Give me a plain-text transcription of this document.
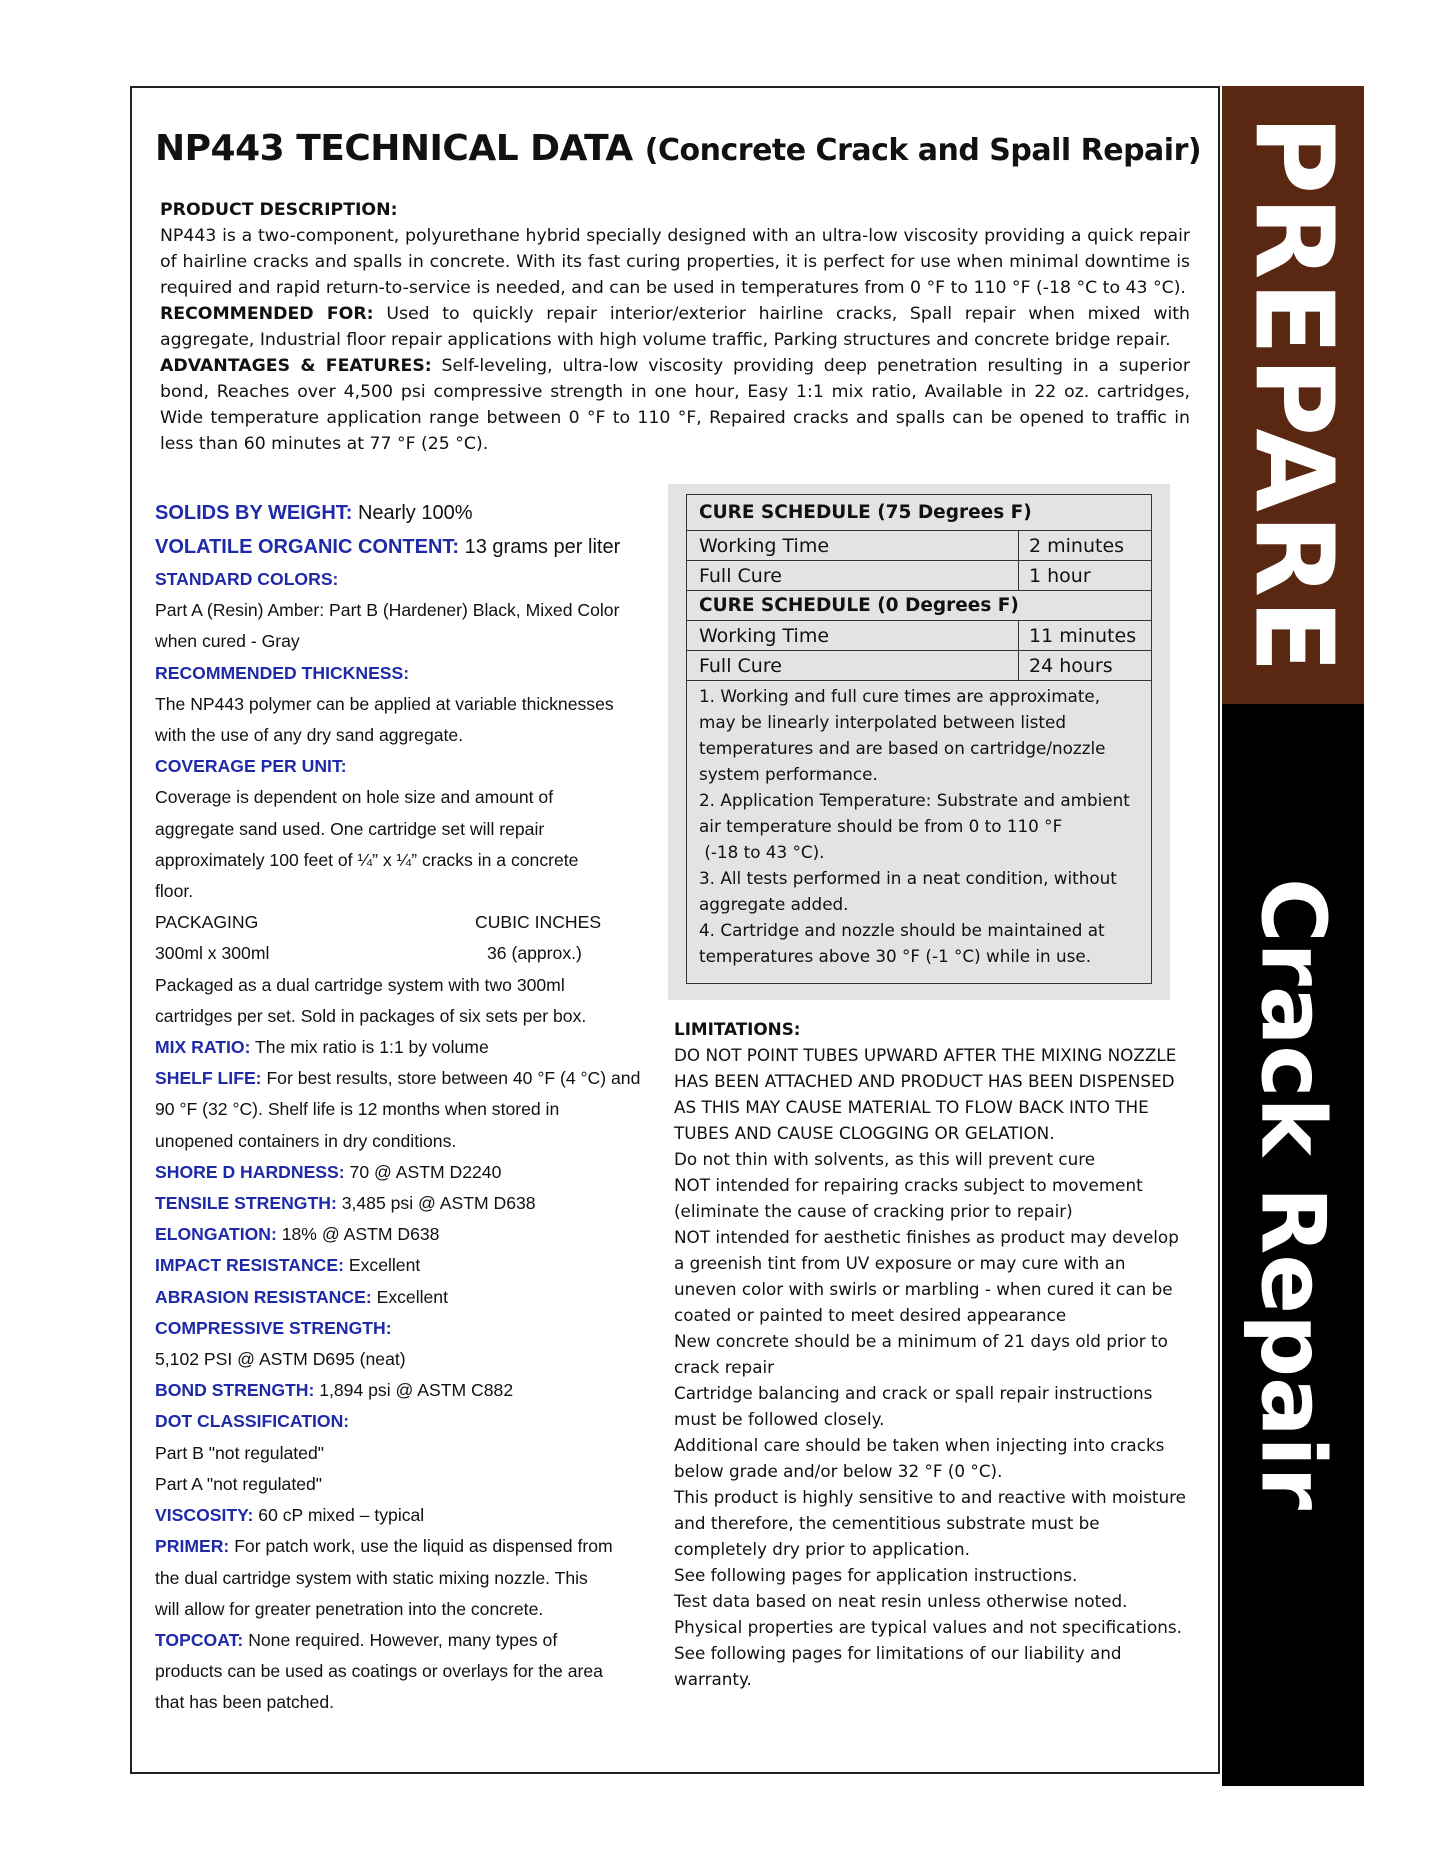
PREPARE
Crack Repair
NP443 TECHNICAL DATA (Concrete Crack and Spall Repair)

PRODUCT DESCRIPTION:

NP443 is a two-component, polyurethane hybrid specially designed with an ultra-low viscosity providing a quick repair of hairline cracks and spalls in concrete. With its fast curing properties, it is perfect for use when minimal downtime is required and rapid return-to-service is needed, and can be used in temperatures from 0 °F to 110 °F (-18 °C to 43 °C).

RECOMMENDED FOR: Used to quickly repair interior/exterior hairline cracks, Spall repair when mixed with aggregate, Industrial floor repair applications with high volume traffic, Parking structures and concrete bridge repair.

ADVANTAGES & FEATURES: Self-leveling, ultra-low viscosity providing deep penetration resulting in a superior bond, Reaches over 4,500 psi compressive strength in one hour, Easy 1:1 mix ratio, Available in 22 oz. cartridges, Wide temperature application range between 0 °F to 110 °F, Repaired cracks and spalls can be opened to traffic in less than 60 minutes at 77 °F (25 °C).

SOLIDS BY WEIGHT: Nearly 100%

VOLATILE ORGANIC CONTENT: 13 grams per liter

STANDARD COLORS:

Part A (Resin) Amber: Part B (Hardener) Black, Mixed Color

when cured - Gray

RECOMMENDED THICKNESS:

The NP443 polymer can be applied at variable thicknesses

with the use of any dry sand aggregate.

COVERAGE PER UNIT:

Coverage is dependent on hole size and amount of

aggregate sand used. One cartridge set will repair

approximately 100 feet of ¼” x ¼” cracks in a concrete

floor.

PACKAGING	CUBIC INCHES

300ml x 300ml	36 (approx.)

Packaged as a dual cartridge system with two 300ml

cartridges per set. Sold in packages of six sets per box.

MIX RATIO: The mix ratio is 1:1 by volume

SHELF LIFE: For best results, store between 40 °F (4 °C) and

90 °F (32 °C). Shelf life is 12 months when stored in

unopened containers in dry conditions.

SHORE D HARDNESS: 70 @ ASTM D2240

TENSILE STRENGTH: 3,485 psi @ ASTM D638

ELONGATION: 18% @ ASTM D638

IMPACT RESISTANCE: Excellent

ABRASION RESISTANCE: Excellent

COMPRESSIVE STRENGTH:

5,102 PSI @ ASTM D695 (neat)

BOND STRENGTH: 1,894 psi @ ASTM C882

DOT CLASSIFICATION:

Part B "not regulated"

Part A "not regulated"

VISCOSITY: 60 cP mixed – typical

PRIMER: For patch work, use the liquid as dispensed from

the dual cartridge system with static mixing nozzle. This

will allow for greater penetration into the concrete.

TOPCOAT: None required. However, many types of

products can be used as coatings or overlays for the area

that has been patched.

CURE SCHEDULE (75 Degrees F)
Working Time	2 minutes
Full Cure	1 hour
CURE SCHEDULE (0 Degrees F)
Working Time	11 minutes
Full Cure	24 hours

1. Working and full cure times are approximate,

may be linearly interpolated between listed

temperatures and are based on cartridge/nozzle

system performance.

2. Application Temperature: Substrate and ambient

air temperature should be from 0 to 110 °F

(-18 to 43 °C).

3. All tests performed in a neat condition, without

aggregate added.

4. Cartridge and nozzle should be maintained at

temperatures above 30 °F (-1 °C) while in use.

LIMITATIONS:

DO NOT POINT TUBES UPWARD AFTER THE MIXING NOZZLE

HAS BEEN ATTACHED AND PRODUCT HAS BEEN DISPENSED

AS THIS MAY CAUSE MATERIAL TO FLOW BACK INTO THE

TUBES AND CAUSE CLOGGING OR GELATION.

Do not thin with solvents, as this will prevent cure

NOT intended for repairing cracks subject to movement

(eliminate the cause of cracking prior to repair)

NOT intended for aesthetic finishes as product may develop

a greenish tint from UV exposure or may cure with an

uneven color with swirls or marbling - when cured it can be

coated or painted to meet desired appearance

New concrete should be a minimum of 21 days old prior to

crack repair

Cartridge balancing and crack or spall repair instructions

must be followed closely.

Additional care should be taken when injecting into cracks

below grade and/or below 32 °F (0 °C).

This product is highly sensitive to and reactive with moisture

and therefore, the cementitious substrate must be

completely dry prior to application.

See following pages for application instructions.

Test data based on neat resin unless otherwise noted.

Physical properties are typical values and not specifications.

See following pages for limitations of our liability and

warranty.
